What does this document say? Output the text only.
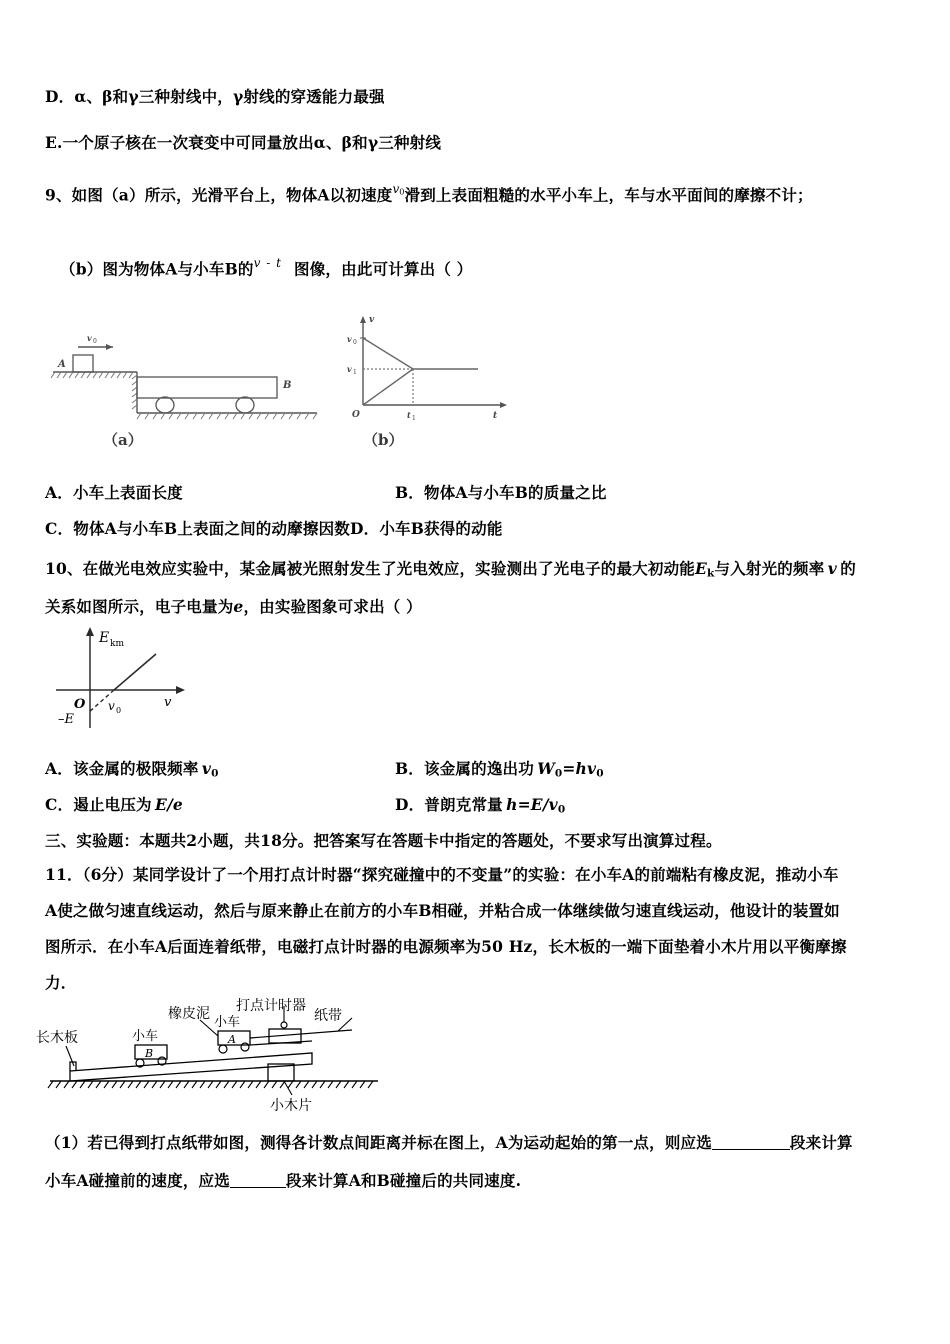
D．α、β和γ三种射线中，γ射线的穿透能力最强
E.一个原子核在一次衰变中可同量放出α、β和γ三种射线
9、如图（a）所示，光滑平台上，物体A以初速度$^{v0}$滑到上表面粗糙的水平小车上，车与水平面间的摩擦不计；
（b）图为物体A与小车B的$^{v - t}$ 图像，由此可计算出（ ）
A
v 0
B
（a）
v
t
v 0
v 1
O	t 1
（b）
A．小车上表面长度	B．物体A与小车B的质量之比
C．物体A与小车B上表面之间的动摩擦因数D．小车B获得的动能
10、在做光电效应实验中，某金属被光照射发生了光电效应，实验测出了光电子的最大初动能Ek与入射光的频率 v 的
关系如图所示，电子电量为e，由实验图象可求出（ ）
E km
v
O v 0
–E
A．该金属的极限频率 v0	B．该金属的逸出功 W0=hv0
C．遏止电压为 E/e	D．普朗克常量 h=E/v0
三、实验题：本题共2小题，共18分。把答案写在答题卡中指定的答题处，不要求写出演算过程。
11．（6分）某同学设计了一个用打点计时器“探究碰撞中的不变量”的实验：在小车A的前端粘有橡皮泥，推动小车
A使之做匀速直线运动，然后与原来静止在前方的小车B相碰，并粘合成一体继续做匀速直线运动，他设计的装置如
图所示．在小车A后面连着纸带，电磁打点计时器的电源频率为50 Hz，长木板的一端下面垫着小木片用以平衡摩擦
力．
B
A
长木板	小车
橡皮泥
小车
打点计时器
纸带
小木片
（1）若已得到打点纸带如图，测得各计数点间距离并标在图上，A为运动起始的第一点，则应选	段来计算
小车A碰撞前的速度，应选	段来计算A和B碰撞后的共同速度.
